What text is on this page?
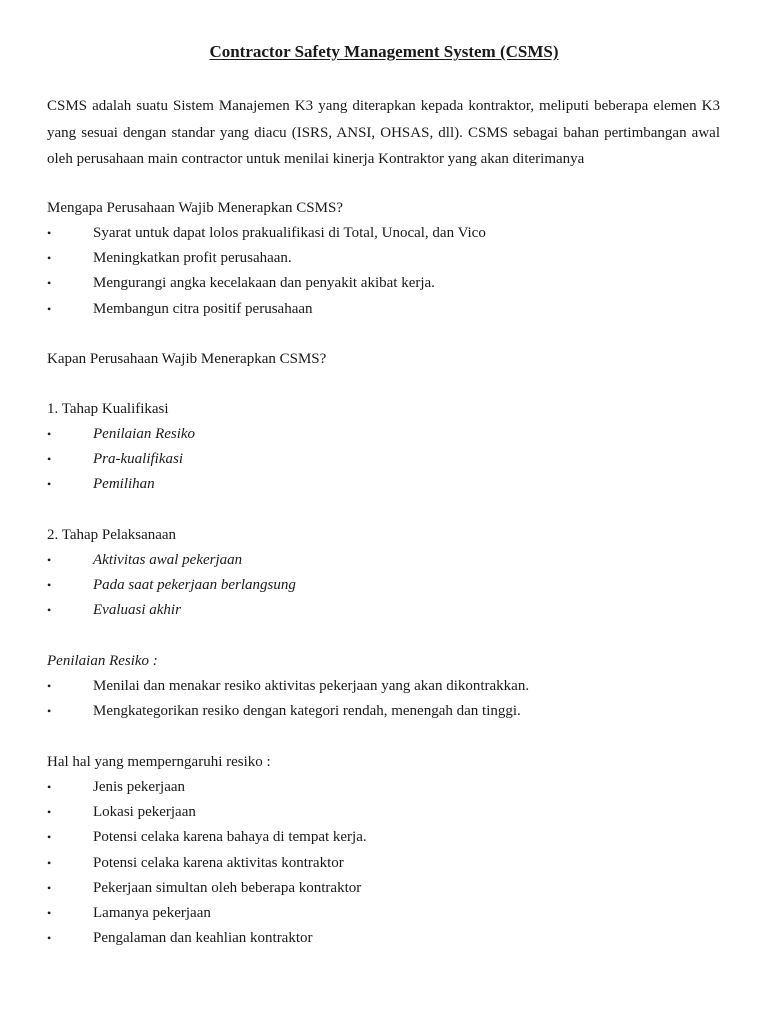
Contractor Safety Management System (CSMS)
CSMS adalah suatu Sistem Manajemen K3 yang diterapkan kepada kontraktor, meliputi beberapa elemen K3 yang sesuai dengan standar yang diacu (ISRS, ANSI, OHSAS, dll). CSMS sebagai bahan pertimbangan awal oleh perusahaan main contractor untuk menilai kinerja Kontraktor yang akan diterimanya
Mengapa Perusahaan Wajib Menerapkan CSMS?
•	Syarat untuk dapat lolos prakualifikasi di Total, Unocal, dan Vico
•	Meningkatkan profit perusahaan.
•	Mengurangi angka kecelakaan dan penyakit akibat kerja.
•	Membangun citra positif perusahaan
Kapan Perusahaan Wajib Menerapkan CSMS?
1. Tahap Kualifikasi
•	Penilaian Resiko
•	Pra-kualifikasi
•	Pemilihan
2. Tahap Pelaksanaan
•	Aktivitas awal pekerjaan
•	Pada saat pekerjaan berlangsung
•	Evaluasi akhir
Penilaian Resiko :
•	Menilai dan menakar resiko aktivitas pekerjaan yang akan dikontrakkan.
•	Mengkategorikan resiko dengan kategori rendah, menengah dan tinggi.
Hal hal yang memperngaruhi resiko :
•	Jenis pekerjaan
•	Lokasi pekerjaan
•	Potensi celaka karena bahaya di tempat kerja.
•	Potensi celaka karena aktivitas kontraktor
•	Pekerjaan simultan oleh beberapa kontraktor
•	Lamanya pekerjaan
•	Pengalaman dan keahlian kontraktor
